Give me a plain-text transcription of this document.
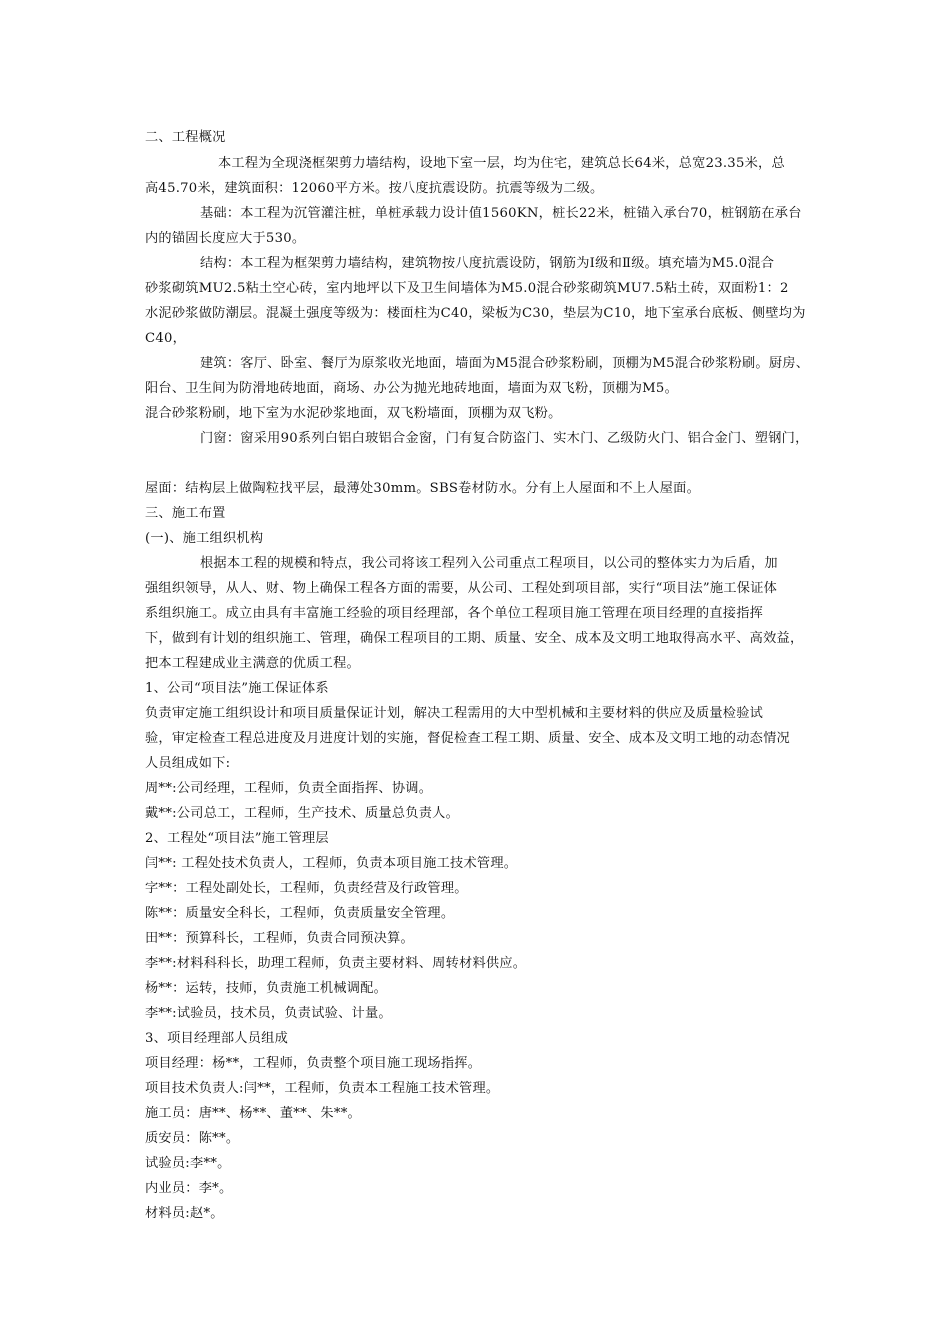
二、工程概况
本工程为全现浇框架剪力墙结构，设地下室一层，均为住宅，建筑总长64米，总宽23.35米，总
高45.70米，建筑面积：12060平方米。按八度抗震设防。抗震等级为二级。
基础：本工程为沉管灌注桩，单桩承载力设计值1560KN，桩长22米，桩锚入承台70，桩钢筋在承台
内的锚固长度应大于530。
结构：本工程为框架剪力墙结构，建筑物按八度抗震设防，钢筋为Ⅰ级和Ⅱ级。填充墙为M5.0混合
砂浆砌筑MU2.5粘土空心砖，室内地坪以下及卫生间墙体为M5.0混合砂浆砌筑MU7.5粘土砖，双面粉1：2
水泥砂浆做防潮层。混凝土强度等级为：楼面柱为C40，梁板为C30，垫层为C10，地下室承台底板、侧壁均为
C40，
建筑：客厅、卧室、餐厅为原浆收光地面，墙面为M5混合砂浆粉刷，顶棚为M5混合砂浆粉刷。厨房、
阳台、卫生间为防滑地砖地面，商场、办公为抛光地砖地面，墙面为双飞粉，顶棚为M5。
混合砂浆粉刷，地下室为水泥砂浆地面，双飞粉墙面，顶棚为双飞粉。
门窗：窗采用90系列白铝白玻铝合金窗，门有复合防盗门、实木门、乙级防火门、铝合金门、塑钢门，
屋面：结构层上做陶粒找平层，最薄处30mm。SBS卷材防水。分有上人屋面和不上人屋面。
三、施工布置
(一)、施工组织机构
根据本工程的规模和特点，我公司将该工程列入公司重点工程项目，以公司的整体实力为后盾，加
强组织领导，从人、财、物上确保工程各方面的需要，从公司、工程处到项目部，实行“项目法”施工保证体
系组织施工。成立由具有丰富施工经验的项目经理部，各个单位工程项目施工管理在项目经理的直接指挥
下，做到有计划的组织施工、管理，确保工程项目的工期、质量、安全、成本及文明工地取得高水平、高效益，
把本工程建成业主满意的优质工程。
1、公司“项目法”施工保证体系
负责审定施工组织设计和项目质量保证计划，解决工程需用的大中型机械和主要材料的供应及质量检验试
验，审定检查工程总进度及月进度计划的实施，督促检查工程工期、质量、安全、成本及文明工地的动态情况
人员组成如下:
周**:公司经理，工程师，负责全面指挥、协调。
戴**:公司总工，工程师，生产技术、质量总负责人。
2、工程处“项目法”施工管理层
闫**: 工程处技术负责人，工程师，负责本项目施工技术管理。
字**：工程处副处长，工程师，负责经营及行政管理。
陈**：质量安全科长，工程师，负责质量安全管理。
田**：预算科长，工程师，负责合同预决算。
李**:材料科科长，助理工程师，负责主要材料、周转材料供应。
杨**：运转，技师，负责施工机械调配。
李**:试验员，技术员，负责试验、计量。
3、项目经理部人员组成
项目经理：杨**，工程师，负责整个项目施工现场指挥。
项目技术负责人:闫**，工程师，负责本工程施工技术管理。
施工员：唐**、杨**、董**、朱**。
质安员：陈**。
试验员:李**。
内业员：李*。
材料员:赵*。
